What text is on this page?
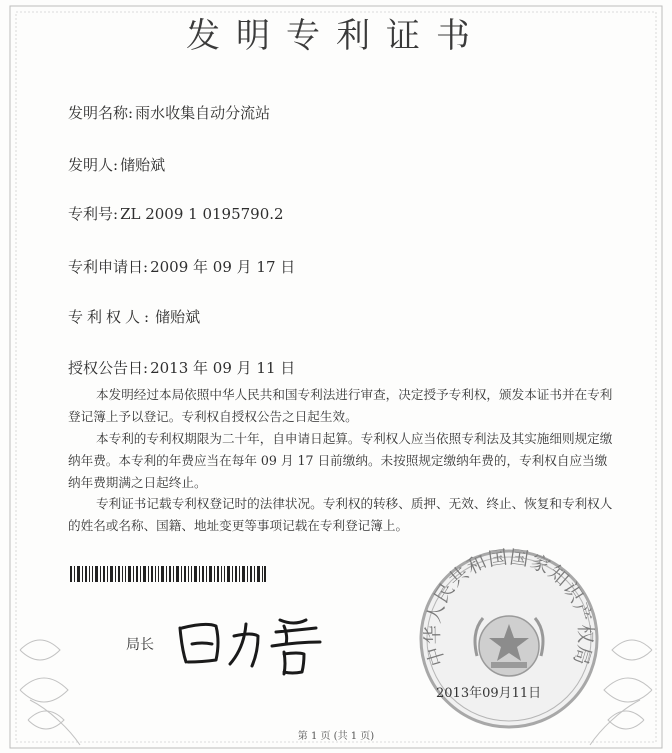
发明专利证书
发明名称: 雨水收集自动分流站
发明人: 储贻斌
专利号: ZL 2009 1 0195790.2
专利申请日: 2009 年 09 月 17 日
专利权人: 储贻斌
授权公告日: 2013 年 09 月 11 日

本发明经过本局依照中华人民共和国专利法进行审查，决定授予专利权，颁发本证书并在专利登记簿上予以登记。专利权自授权公告之日起生效。

本专利的专利权期限为二十年，自申请日起算。专利权人应当依照专利法及其实施细则规定缴纳年费。本专利的年费应当在每年 09 月 17 日前缴纳。未按照规定缴纳年费的，专利权自应当缴纳年费期满之日起终止。

专利证书记载专利权登记时的法律状况。专利权的转移、质押、无效、终止、恢复和专利权人的姓名或名称、国籍、地址变更等事项记载在专利登记簿上。

局长	中华人民共和国国家知识产权局
2013年09月11日
第 1 页 (共 1 页)
